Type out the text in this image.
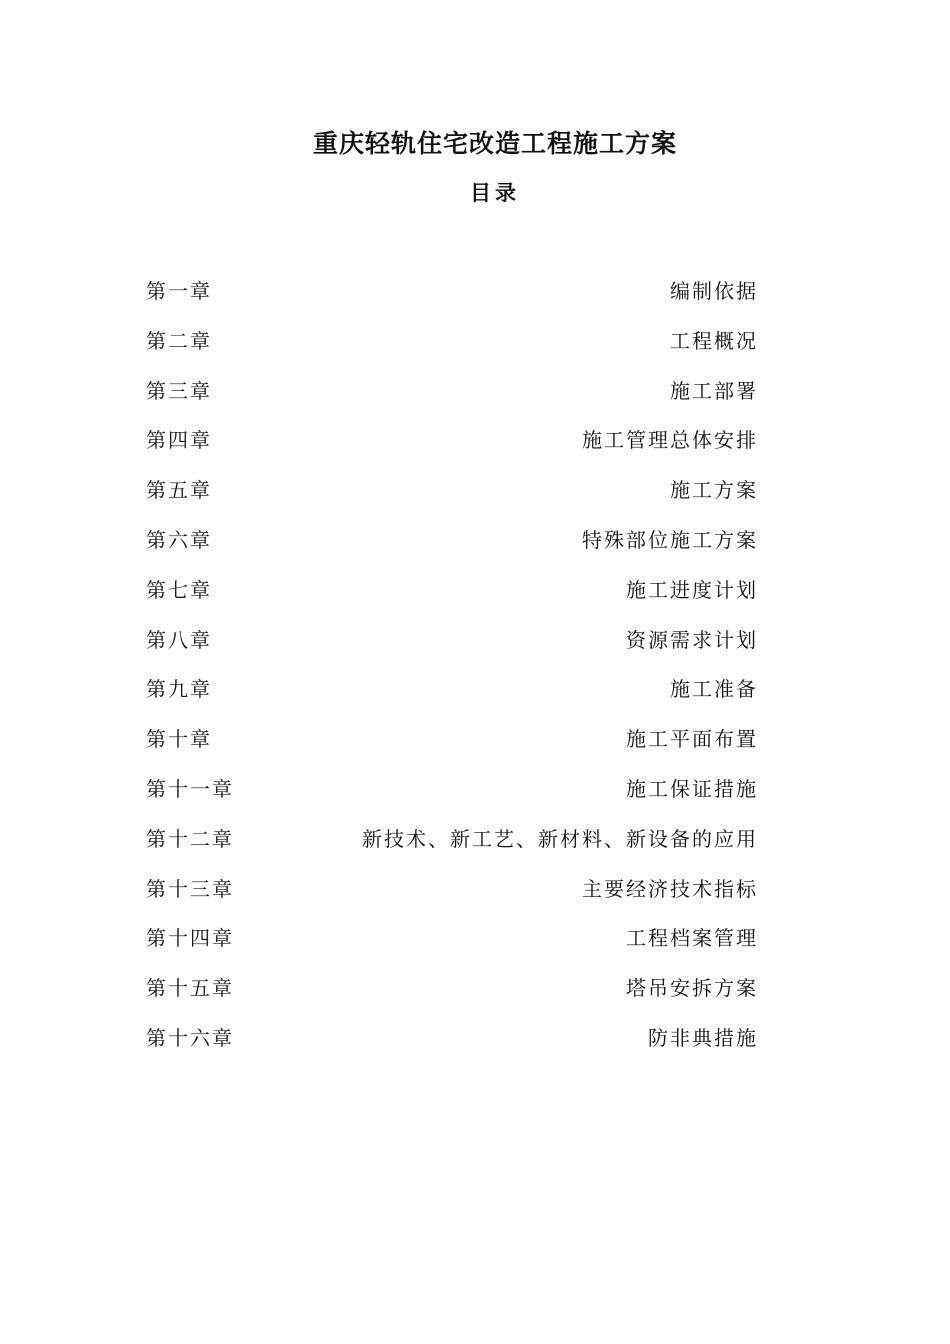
重庆轻轨住宅改造工程施工方案
目录
第一章	编制依据
第二章	工程概况
第三章	施工部署
第四章	施工管理总体安排
第五章	施工方案
第六章	特殊部位施工方案
第七章	施工进度计划
第八章	资源需求计划
第九章	施工准备
第十章	施工平面布置
第十一章	施工保证措施
第十二章	新技术、新工艺、新材料、新设备的应用
第十三章	主要经济技术指标
第十四章	工程档案管理
第十五章	塔吊安拆方案
第十六章	防非典措施
